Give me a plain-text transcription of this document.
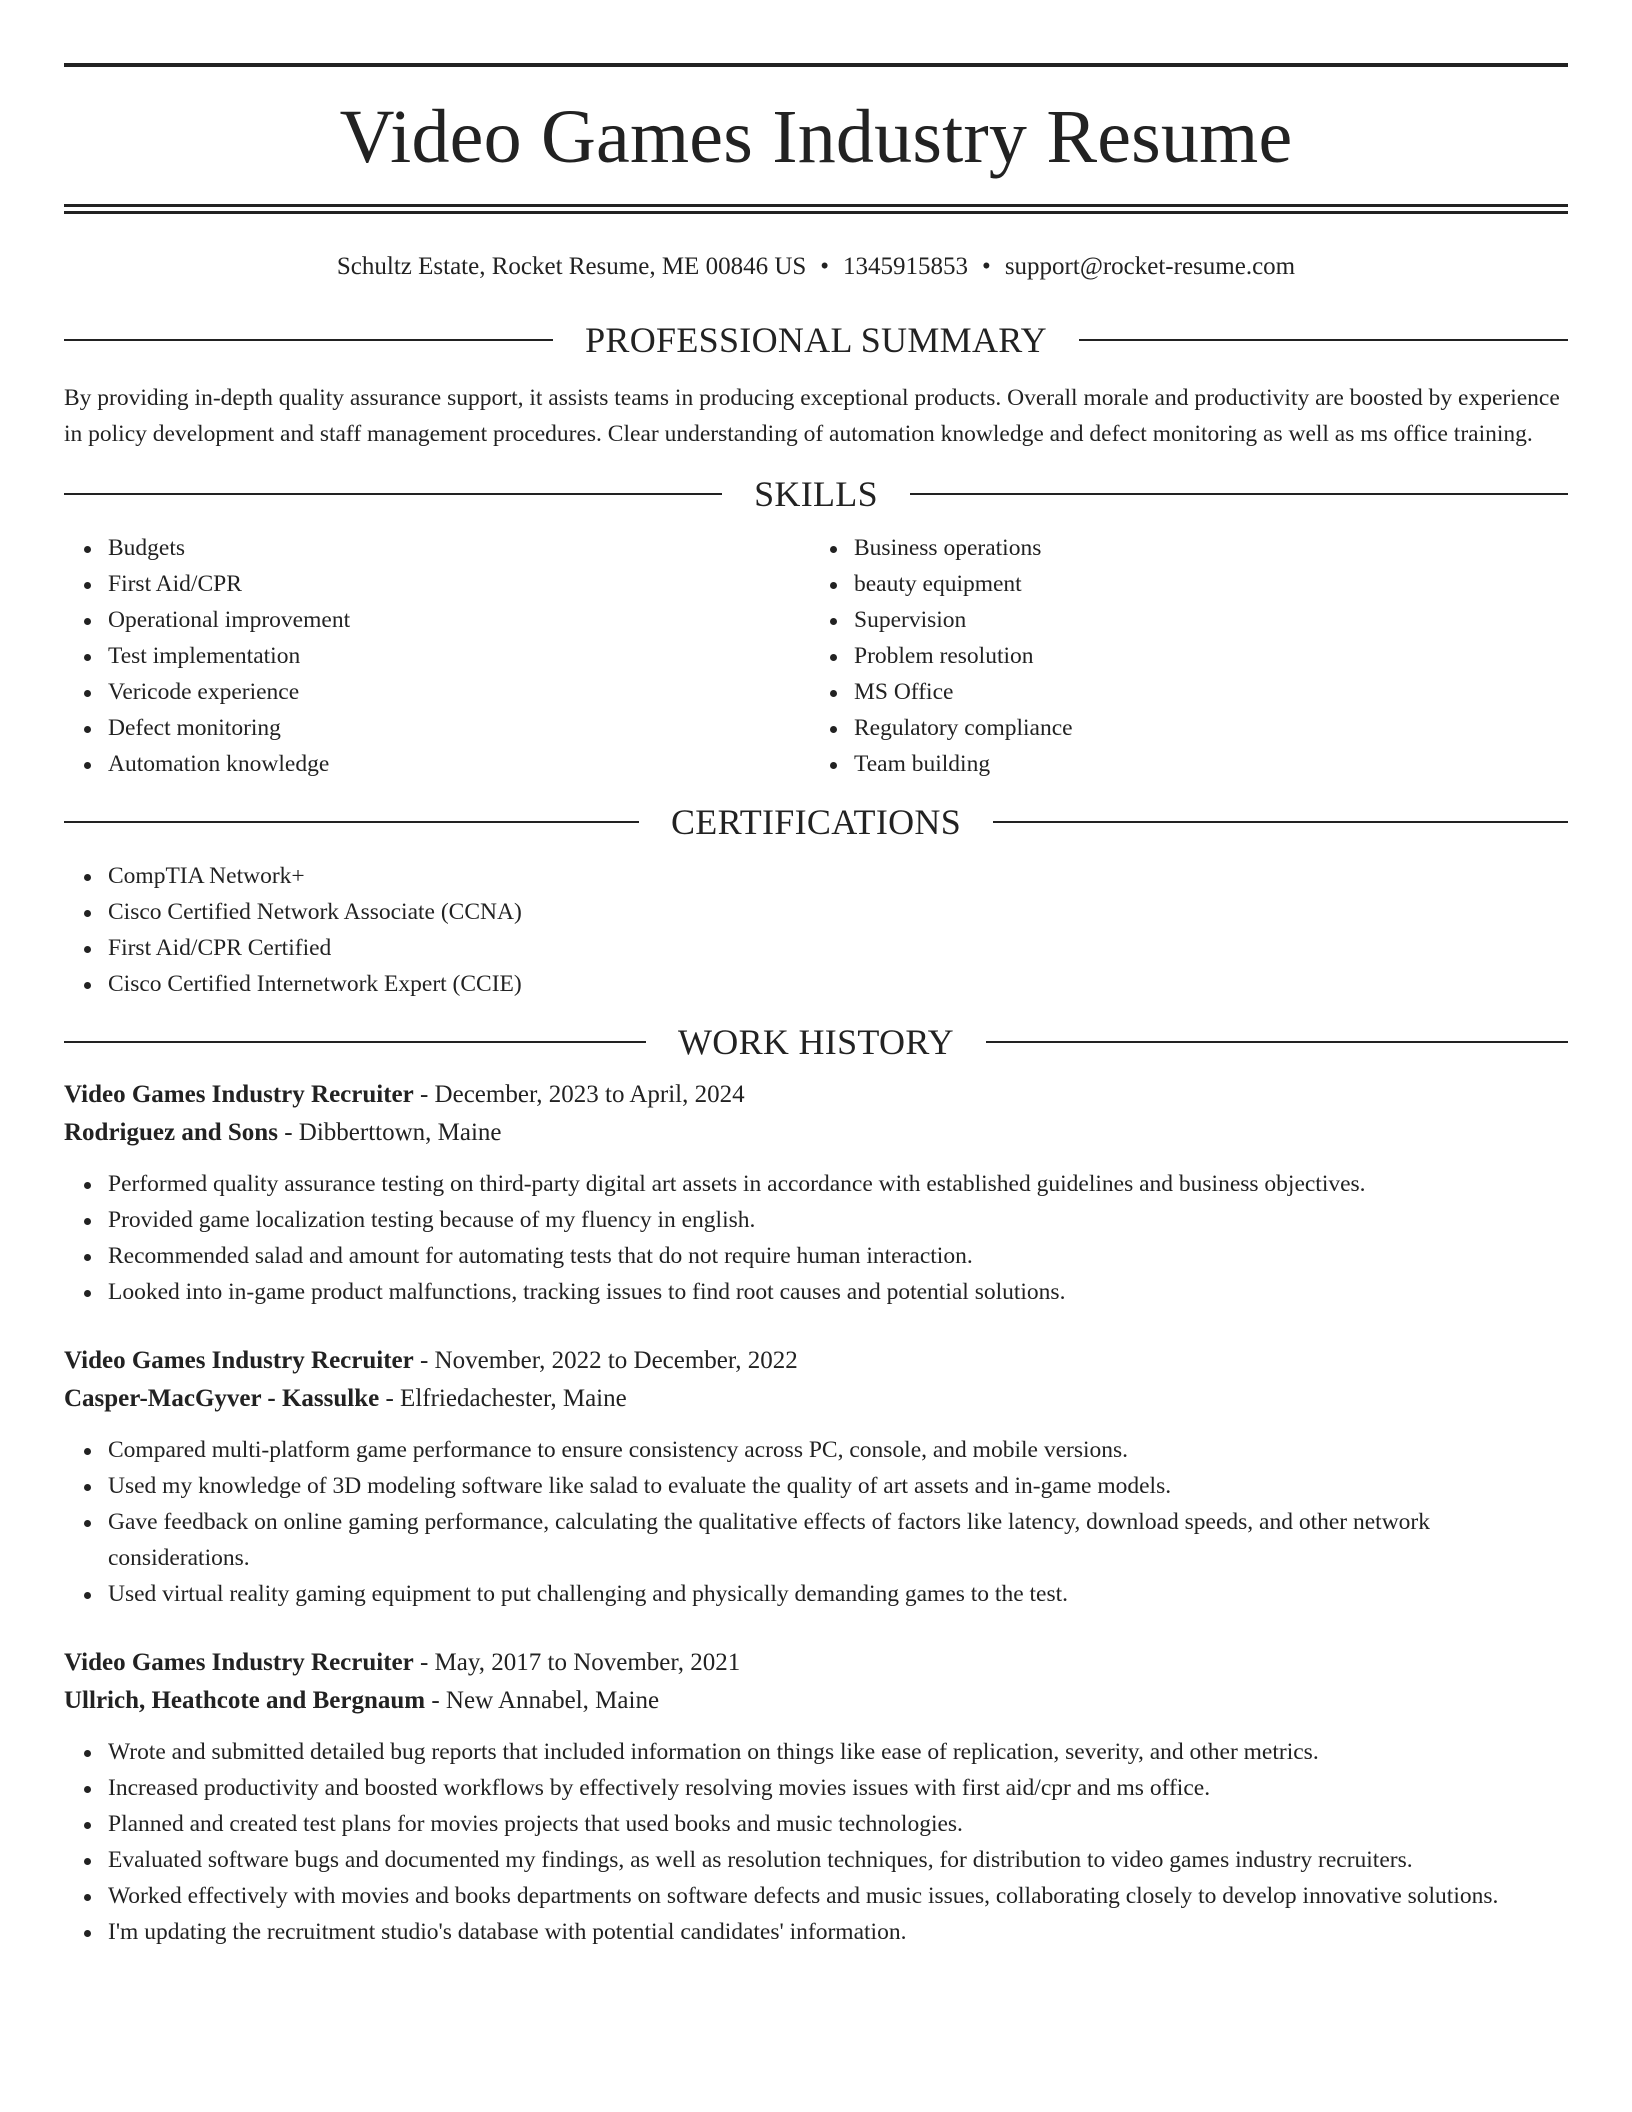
Video Games Industry Resume
Schultz Estate, Rocket Resume, ME 00846 US • 1345915853 • support@rocket-resume.com
PROFESSIONAL SUMMARY

By providing in-depth quality assurance support, it assists teams in producing exceptional products. Overall morale and productivity are boosted by experience in policy development and staff management procedures. Clear understanding of automation knowledge and defect monitoring as well as ms office training.

SKILLS
Budgets
First Aid/CPR
Operational improvement
Test implementation
Vericode experience
Defect monitoring
Automation knowledge
Business operations
beauty equipment
Supervision
Problem resolution
MS Office
Regulatory compliance
Team building
CERTIFICATIONS
CompTIA Network+
Cisco Certified Network Associate (CCNA)
First Aid/CPR Certified
Cisco Certified Internetwork Expert (CCIE)
WORK HISTORY

Video Games Industry Recruiter - December, 2023 to April, 2024

Rodriguez and Sons - Dibberttown, Maine

Performed quality assurance testing on third-party digital art assets in accordance with established guidelines and business objectives.
Provided game localization testing because of my fluency in english.
Recommended salad and amount for automating tests that do not require human interaction.
Looked into in-game product malfunctions, tracking issues to find root causes and potential solutions.

Video Games Industry Recruiter - November, 2022 to December, 2022

Casper-MacGyver - Kassulke - Elfriedachester, Maine

Compared multi-platform game performance to ensure consistency across PC, console, and mobile versions.
Used my knowledge of 3D modeling software like salad to evaluate the quality of art assets and in-game models.
Gave feedback on online gaming performance, calculating the qualitative effects of factors like latency, download speeds, and other network considerations.
Used virtual reality gaming equipment to put challenging and physically demanding games to the test.

Video Games Industry Recruiter - May, 2017 to November, 2021

Ullrich, Heathcote and Bergnaum - New Annabel, Maine

Wrote and submitted detailed bug reports that included information on things like ease of replication, severity, and other metrics.
Increased productivity and boosted workflows by effectively resolving movies issues with first aid/cpr and ms office.
Planned and created test plans for movies projects that used books and music technologies.
Evaluated software bugs and documented my findings, as well as resolution techniques, for distribution to video games industry recruiters.
Worked effectively with movies and books departments on software defects and music issues, collaborating closely to develop innovative solutions.
I'm updating the recruitment studio's database with potential candidates' information.
